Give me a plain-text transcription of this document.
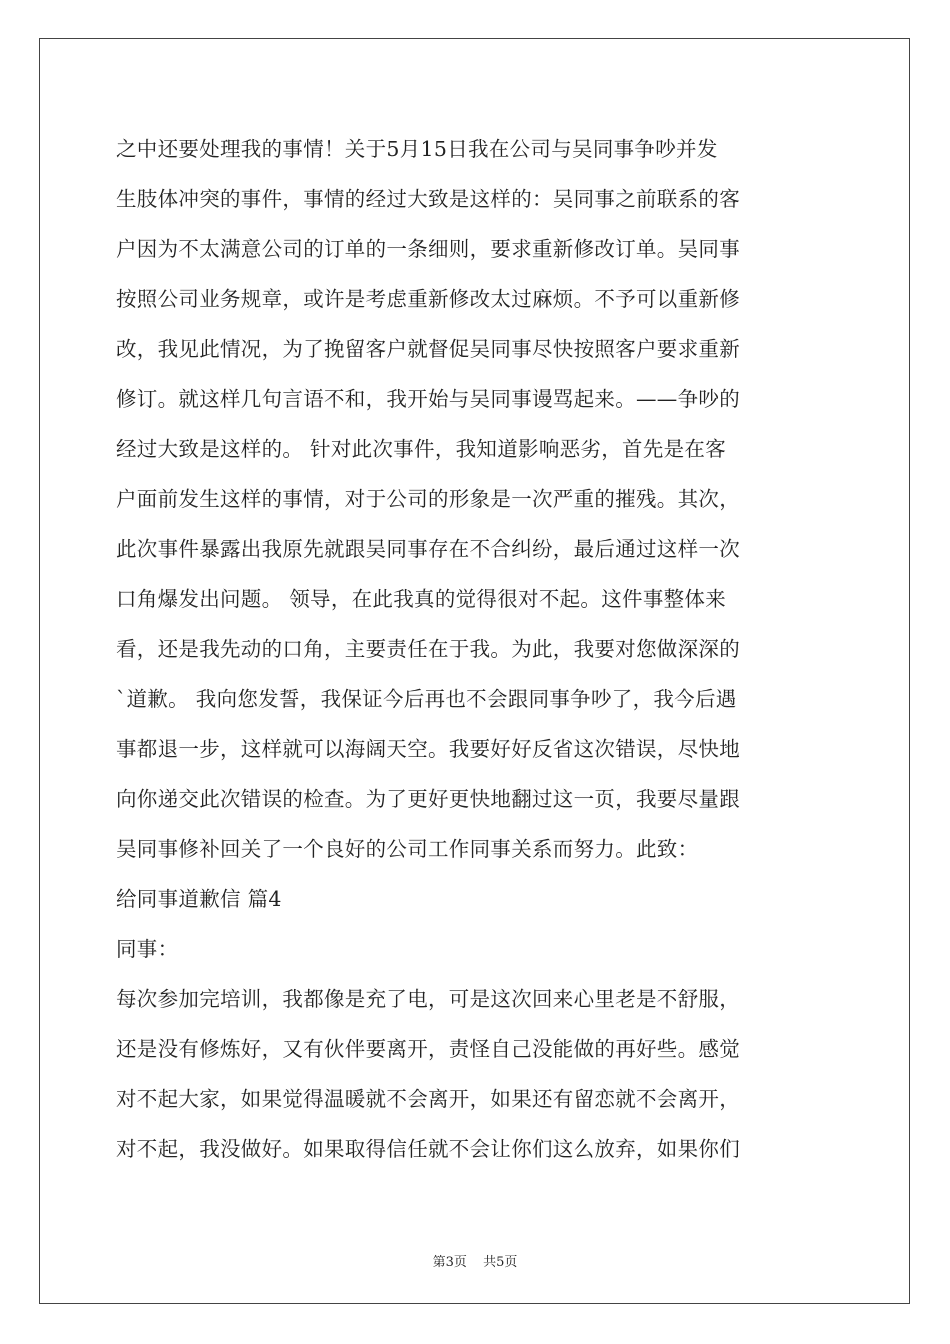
之中还要处理我的事情！关于5月15日我在公司与吴同事争吵并发
生肢体冲突的事件，事情的经过大致是这样的：吴同事之前联系的客
户因为不太满意公司的订单的一条细则，要求重新修改订单。吴同事
按照公司业务规章，或许是考虑重新修改太过麻烦。不予可以重新修
改，我见此情况，为了挽留客户就督促吴同事尽快按照客户要求重新
修订。就这样几句言语不和，我开始与吴同事谩骂起来。——争吵的
经过大致是这样的。 针对此次事件，我知道影响恶劣，首先是在客
户面前发生这样的事情，对于公司的形象是一次严重的摧残。其次，
此次事件暴露出我原先就跟吴同事存在不合纠纷，最后通过这样一次
口角爆发出问题。 领导，在此我真的觉得很对不起。这件事整体来
看，还是我先动的口角，主要责任在于我。为此，我要对您做深深的
`道歉。 我向您发誓，我保证今后再也不会跟同事争吵了，我今后遇
事都退一步，这样就可以海阔天空。我要好好反省这次错误，尽快地
向你递交此次错误的检查。为了更好更快地翻过这一页，我要尽量跟
吴同事修补回关了一个良好的公司工作同事关系而努力。此致：
给同事道歉信 篇4
同事：
每次参加完培训，我都像是充了电，可是这次回来心里老是不舒服，
还是没有修炼好，又有伙伴要离开，责怪自己没能做的再好些。感觉
对不起大家，如果觉得温暖就不会离开，如果还有留恋就不会离开，
对不起，我没做好。如果取得信任就不会让你们这么放弃，如果你们
第3页 共5页
